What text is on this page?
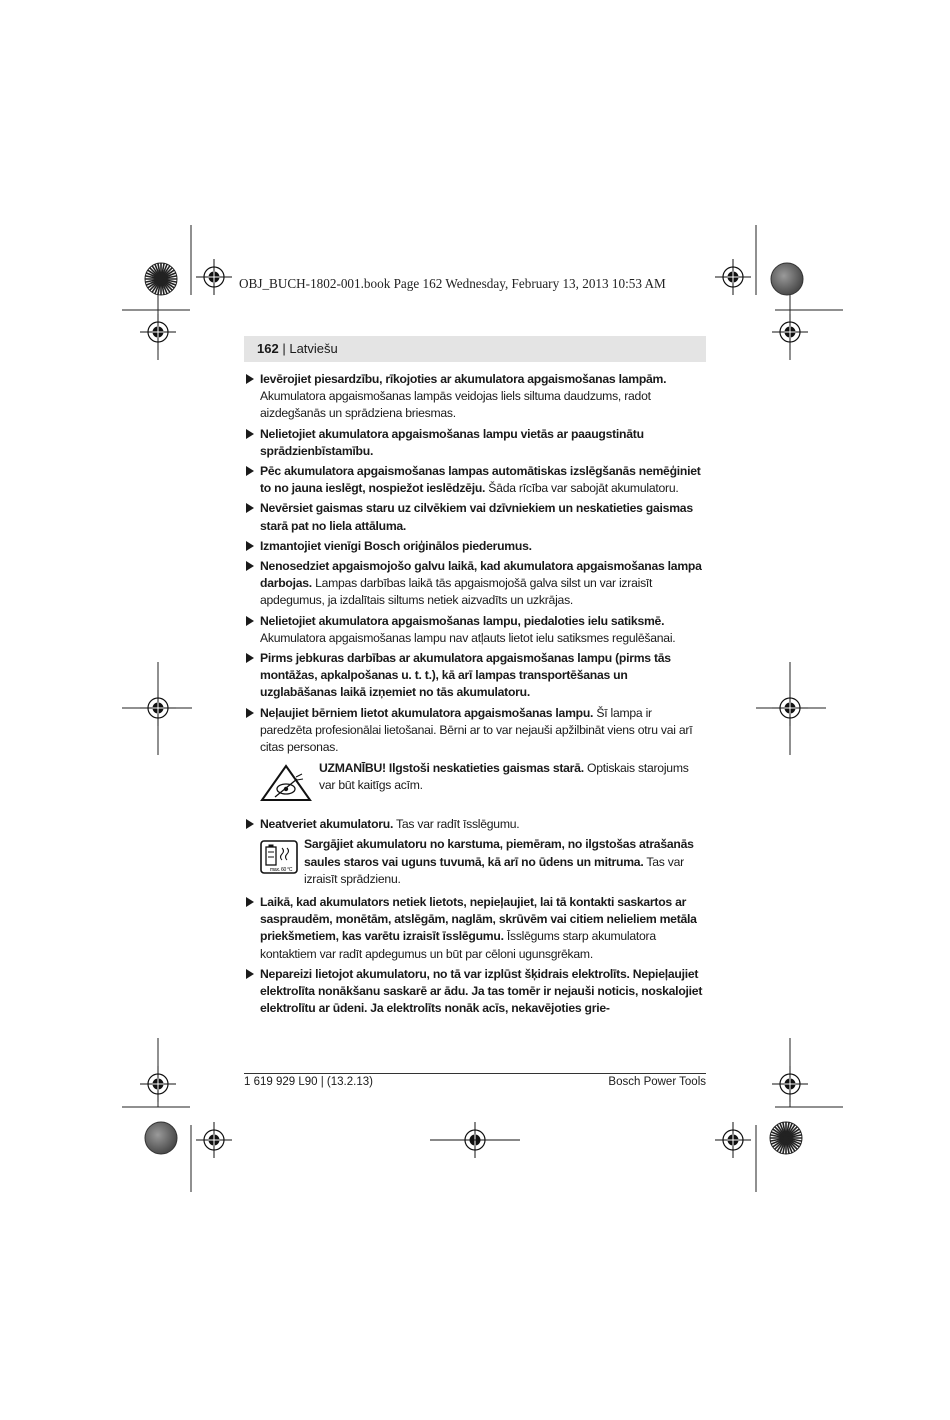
OBJ_BUCH-1802-001.book Page 162 Wednesday, February 13, 2013 10:53 AM
162 | Latviešu
Ievērojiet piesardzību, rīkojoties ar akumulatora apgaismošanas lampām. Akumulatora apgaismošanas lampās veidojas liels siltuma daudzums, radot aizdegšanās un sprādziena briesmas.
Nelietojiet akumulatora apgaismošanas lampu vietās ar paaugstinātu sprādzienbīstamību.
Pēc akumulatora apgaismošanas lampas automātiskas izslēgšanās nemēģiniet to no jauna ieslēgt, nospiežot ieslēdzēju. Šāda rīcība var sabojāt akumulatoru.
Nevērsiet gaismas staru uz cilvēkiem vai dzīvniekiem un neskatieties gaismas starā pat no liela attāluma.
Izmantojiet vienīgi Bosch oriģinālos piederumus.
Nenosedziet apgaismojošo galvu laikā, kad akumulatora apgaismošanas lampa darbojas. Lampas darbības laikā tās apgaismojošā galva silst un var izraisīt apdegumus, ja izdalītais siltums netiek aizvadīts un uzkrājas.
Nelietojiet akumulatora apgaismošanas lampu, piedaloties ielu satiksmē. Akumulatora apgaismošanas lampu nav atļauts lietot ielu satiksmes regulēšanai.
Pirms jebkuras darbības ar akumulatora apgaismošanas lampu (pirms tās montāžas, apkalpošanas u. t. t.), kā arī lampas transportēšanas un uzglabāšanas laikā izņemiet no tās akumulatoru.
Neļaujiet bērniem lietot akumulatora apgaismošanas lampu. Šī lampa ir paredzēta profesionālai lietošanai. Bērni ar to var nejauši apžilbināt viens otru vai arī citas personas.
UZMANĪBU! Ilgstoši neskatieties gaismas starā. Optiskais starojums var būt kaitīgs acīm.
Neatveriet akumulatoru. Tas var radīt īsslēgumu.
max. 60 °C
Sargājiet akumulatoru no karstuma, piemēram, no ilgstošas atrašanās saules staros vai uguns tuvumā, kā arī no ūdens un mitruma. Tas var izraisīt sprādzienu.
Laikā, kad akumulators netiek lietots, nepieļaujiet, lai tā kontakti saskartos ar saspraudēm, monētām, atslēgām, naglām, skrūvēm vai citiem nelieliem metāla priekšmetiem, kas varētu izraisīt īsslēgumu. Īsslēgums starp akumulatora kontaktiem var radīt apdegumus un būt par cēloni ugunsgrēkam.
Nepareizi lietojot akumulatoru, no tā var izplūst šķidrais elektrolīts. Nepieļaujiet elektrolīta nonākšanu saskarē ar ādu. Ja tas tomēr ir nejauši noticis, noskalojiet elektrolītu ar ūdeni. Ja elektrolīts nonāk acīs, nekavējoties grie-
1 619 929 L90 | (13.2.13)	Bosch Power Tools
